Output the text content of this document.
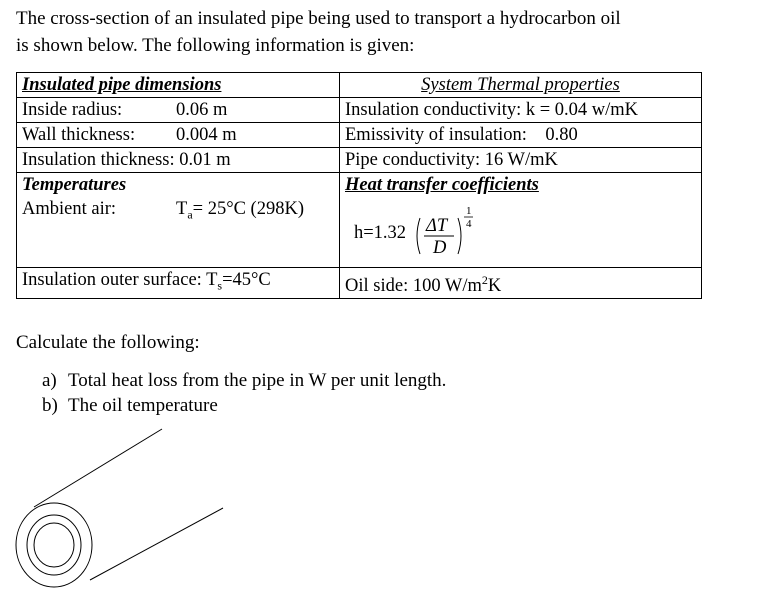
The cross-section of an insulated pipe being used to transport a hydrocarbon oil
is shown below. The following information is given:
Insulated pipe dimensions	System Thermal properties

Inside radius: 0.06 m	Insulation conductivity: k = 0.04 w/mK
Wall thickness: 0.004 m	Emissivity of insulation: 0.80
Insulation thickness: 0.01 m	Pipe conductivity: 16 W/mK
Temperatures	Heat transfer coefficients
Ambient air: $T_a= 25^\circ C$ (298K)	h=1.32 ΔT
D
1
4

Insulation outer surface: $T_s=45^\circ C$	Oil side: 100 $W/m^2K$
Calculate the following:
a) Total heat loss from the pipe in W per unit length.
b) The oil temperature
